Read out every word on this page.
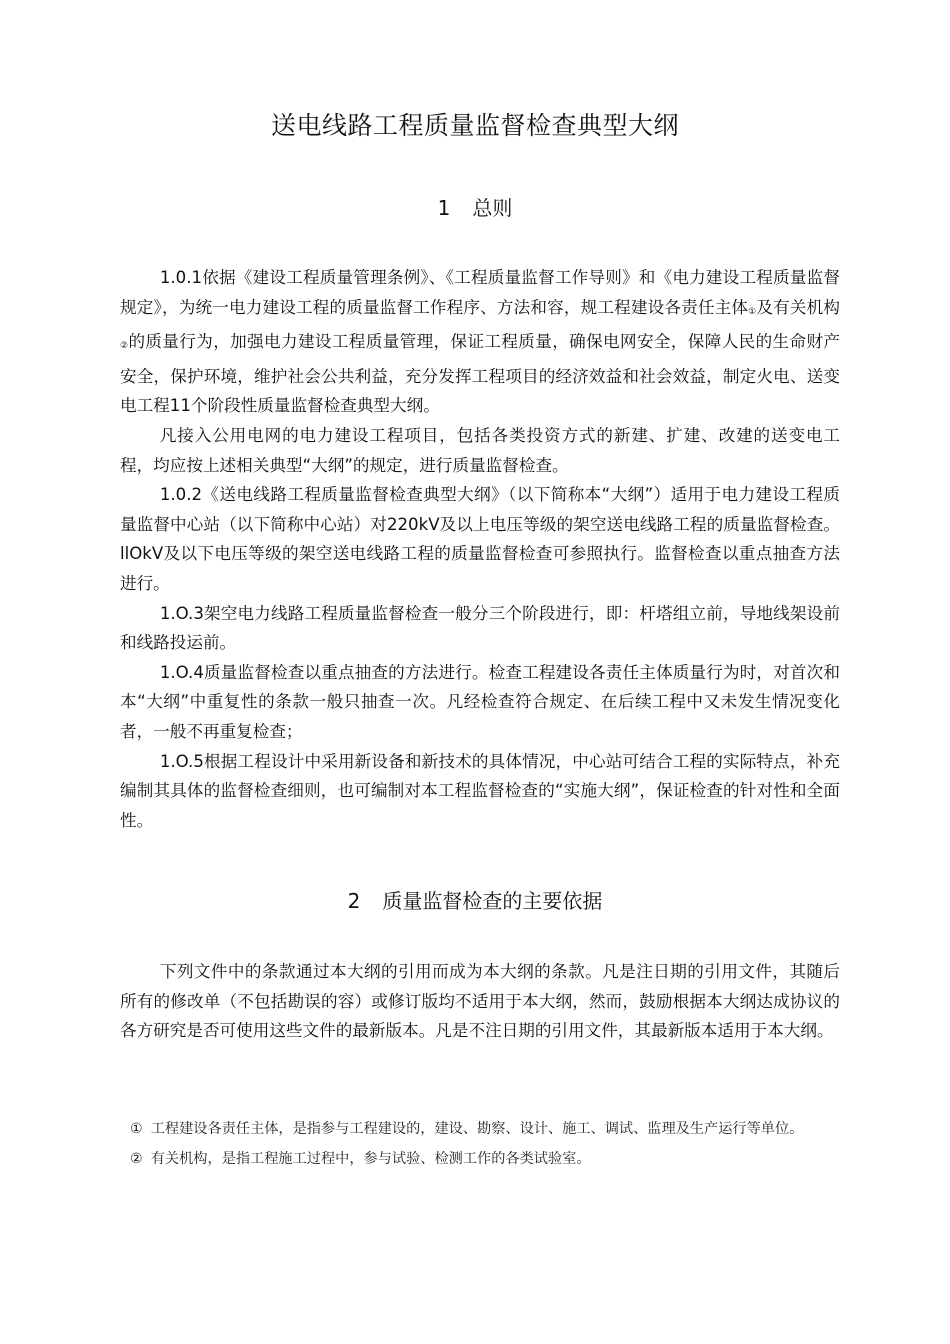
送电线路工程质量监督检查典型大纲
1 总则

1.0.1依据《建设工程质量管理条例》、《工程质量监督工作导则》和《电力建设工程质量监督规定》，为统一电力建设工程的质量监督工作程序、方法和容，规工程建设各责任主体$_①$及有关机构$_②$的质量行为，加强电力建设工程质量管理，保证工程质量，确保电网安全，保障人民的生命财产安全，保护环境，维护社会公共利益，充分发挥工程项目的经济效益和社会效益，制定火电、送变电工程11个阶段性质量监督检查典型大纲。

凡接入公用电网的电力建设工程项目，包括各类投资方式的新建、扩建、改建的送变电工程，均应按上述相关典型“大纲”的规定，进行质量监督检查。

1.0.2《送电线路工程质量监督检查典型大纲》（以下简称本“大纲”）适用于电力建设工程质量监督中心站（以下简称中心站）对220kV及以上电压等级的架空送电线路工程的质量监督检查。llOkV及以下电压等级的架空送电线路工程的质量监督检查可参照执行。监督检查以重点抽查方法进行。

1.O.3架空电力线路工程质量监督检查一般分三个阶段进行，即：杆塔组立前，导地线架设前和线路投运前。

1.O.4质量监督检查以重点抽查的方法进行。检查工程建设各责任主体质量行为时，对首次和本“大纲”中重复性的条款一般只抽查一次。凡经检查符合规定、在后续工程中又未发生情况变化者，一般不再重复检查；

1.O.5根据工程设计中采用新设备和新技术的具体情况，中心站可结合工程的实际特点，补充编制其具体的监督检查细则，也可编制对本工程监督检查的“实施大纲”，保证检查的针对性和全面性。

2 质量监督检查的主要依据

下列文件中的条款通过本大纲的引用而成为本大纲的条款。凡是注日期的引用文件，其随后所有的修改单（不包括勘误的容）或修订版均不适用于本大纲，然而，鼓励根据本大纲达成协议的各方研究是否可使用这些文件的最新版本。凡是不注日期的引用文件，其最新版本适用于本大纲。

① 工程建设各责任主体，是指参与工程建设的，建设、勘察、设计、施工、调试、监理及生产运行等单位。

② 有关机构，是指工程施工过程中，参与试验、检测工作的各类试验室。
